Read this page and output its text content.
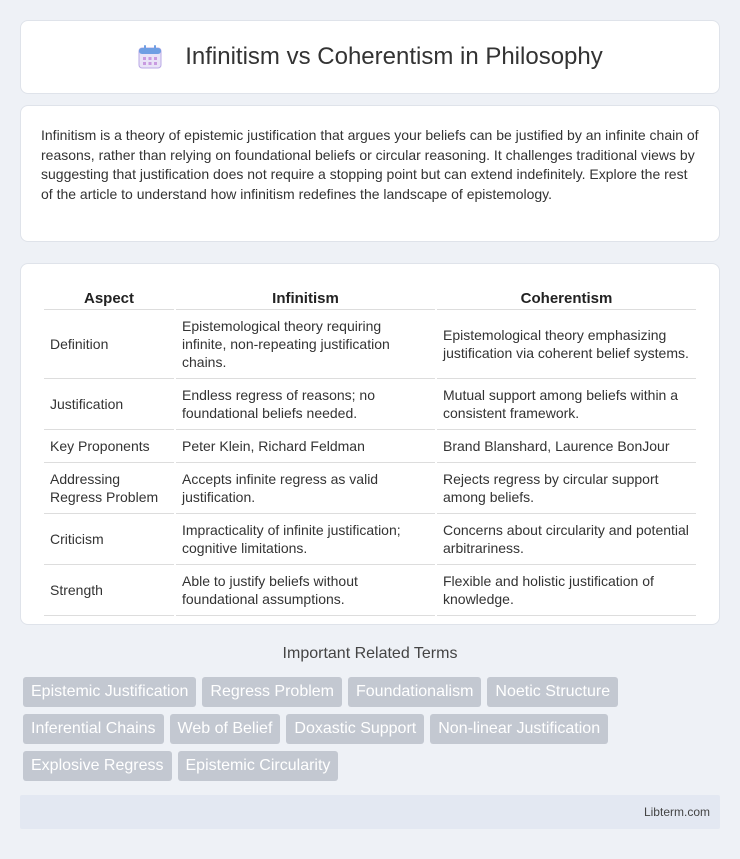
Infinitism vs Coherentism in Philosophy

Infinitism is a theory of epistemic justification that argues your beliefs can be justified by an infinite chain of reasons, rather than relying on foundational beliefs or circular reasoning. It challenges traditional views by suggesting that justification does not require a stopping point but can extend indefinitely. Explore the rest of the article to understand how infinitism redefines the landscape of epistemology.

Aspect	Infinitism	Coherentism
Definition	Epistemological theory requiring infinite, non-repeating justification chains.	Epistemological theory emphasizing justification via coherent belief systems.
Justification	Endless regress of reasons; no foundational beliefs needed.	Mutual support among beliefs within a consistent framework.
Key Proponents	Peter Klein, Richard Feldman	Brand Blanshard, Laurence BonJour
Addressing Regress Problem	Accepts infinite regress as valid justification.	Rejects regress by circular support among beliefs.
Criticism	Impracticality of infinite justification; cognitive limitations.	Concerns about circularity and potential arbitrariness.
Strength	Able to justify beliefs without foundational assumptions.	Flexible and holistic justification of knowledge.
Important Related Terms
Epistemic Justification	Regress Problem	Foundationalism	Noetic Structure
Inferential Chains	Web of Belief	Doxastic Support	Non-linear Justification
Explosive Regress	Epistemic Circularity
Libterm.com
